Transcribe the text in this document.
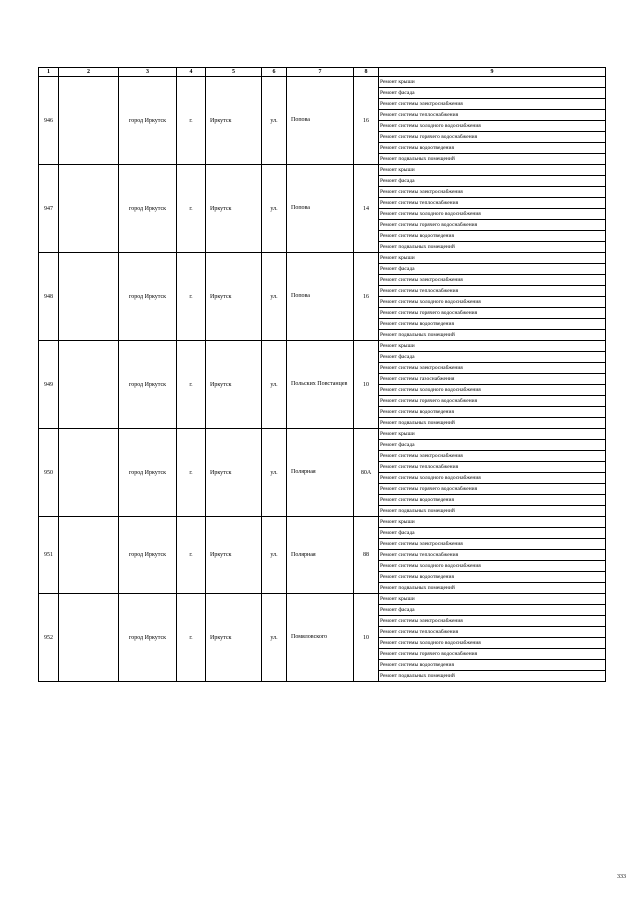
1	2	3	4	5	6	7	8	9
946		город Иркутск	г.	Иркутск	ул.	Попова	16	Ремонт крыши
								Ремонт фасада
								Ремонт системы электроснабжения
								Ремонт системы теплоснабжения
								Ремонт системы холодного водоснабжения
								Ремонт системы горячего водоснабжения
								Ремонт системы водоотведения
								Ремонт подвальных помещений
947		город Иркутск	г.	Иркутск	ул.	Попова	14	Ремонт крыши
								Ремонт фасада
								Ремонт системы электроснабжения
								Ремонт системы теплоснабжения
								Ремонт системы холодного водоснабжения
								Ремонт системы горячего водоснабжения
								Ремонт системы водоотведения
								Ремонт подвальных помещений
948		город Иркутск	г.	Иркутск	ул.	Попова	16	Ремонт крыши
								Ремонт фасада
								Ремонт системы электроснабжения
								Ремонт системы теплоснабжения
								Ремонт системы холодного водоснабжения
								Ремонт системы горячего водоснабжения
								Ремонт системы водоотведения
								Ремонт подвальных помещений
949		город Иркутск	г.	Иркутск	ул.	Польских Повстанцев	10	Ремонт крыши
								Ремонт фасада
								Ремонт системы электроснабжения
								Ремонт системы газоснабжения
								Ремонт системы холодного водоснабжения
								Ремонт системы горячего водоснабжения
								Ремонт системы водоотведения
								Ремонт подвальных помещений
950		город Иркутск	г.	Иркутск	ул.	Полярная	80А	Ремонт крыши
								Ремонт фасада
								Ремонт системы электроснабжения
								Ремонт системы теплоснабжения
								Ремонт системы холодного водоснабжения
								Ремонт системы горячего водоснабжения
								Ремонт системы водоотведения
								Ремонт подвальных помещений
951		город Иркутск	г.	Иркутск	ул.	Полярная	88	Ремонт крыши
								Ремонт фасада
								Ремонт системы электроснабжения
								Ремонт системы теплоснабжения
								Ремонт системы холодного водоснабжения
								Ремонт системы водоотведения
								Ремонт подвальных помещений
952		город Иркутск	г.	Иркутск	ул.	Помяловского	10	Ремонт крыши
								Ремонт фасада
								Ремонт системы электроснабжения
								Ремонт системы теплоснабжения
								Ремонт системы холодного водоснабжения
								Ремонт системы горячего водоснабжения
								Ремонт системы водоотведения
								Ремонт подвальных помещений
333
